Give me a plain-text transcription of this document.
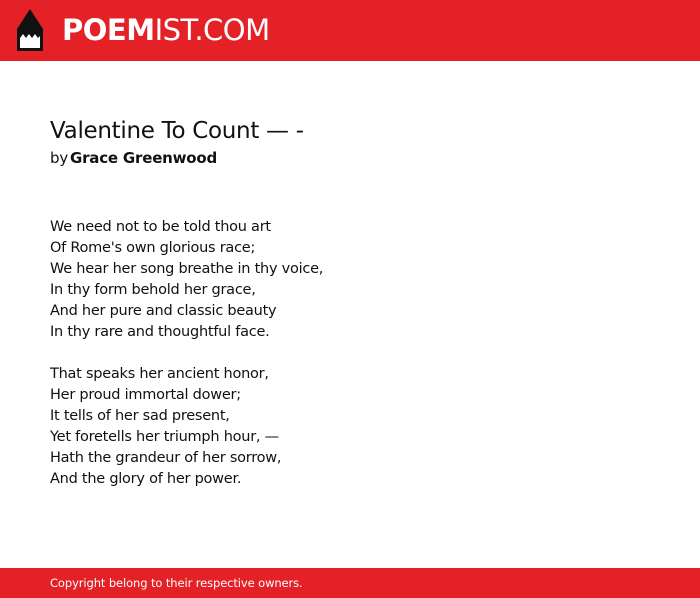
POEMIST.COM
Valentine To Count — -
by Grace Greenwood
We need not to be told thou art
Of Rome's own glorious race;
We hear her song breathe in thy voice,
In thy form behold her grace,
And her pure and classic beauty
In thy rare and thoughtful face.
That speaks her ancient honor,
Her proud immortal dower;
It tells of her sad present,
Yet foretells her triumph hour, —
Hath the grandeur of her sorrow,
And the glory of her power.
Copyright belong to their respective owners.
